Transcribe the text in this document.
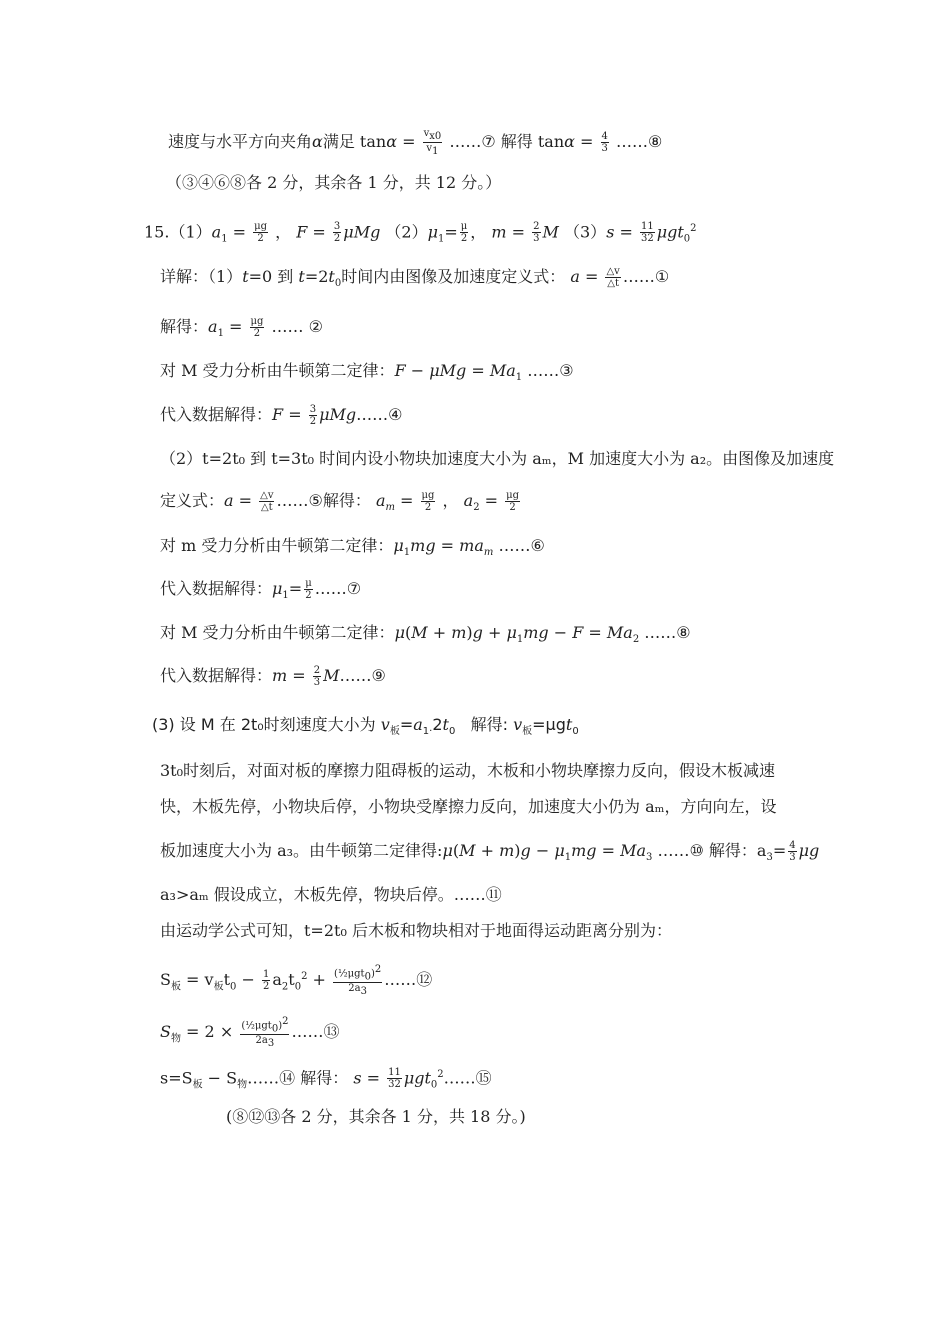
速度与水平方向夹角α满足 $\tan\alpha = \frac{v_{x0}}{v_1}$ ……⑦ 解得 $\tan\alpha = \frac{4}{3}$ ……⑧
（③④⑥⑧各 2 分，其余各 1 分，共 12 分。）
$15.(1)a_1 = \frac{\mu g}{2}$ ， $F = \frac{3}{2}$ μMg $(2)\mu_1= \frac{\mu}{2}$ ， $m = \frac{2}{3}$ M $(3)s = \frac{11}{32} \mu gt_0^2$
详解：（1）t=0 到 $t=2t_0$时间内由图像及加速度定义式： $a = \frac{\triangle v}{\triangle t}$ ……①
解得：$a_1 = \frac{\mu g}{2}$ …… ②
对 M 受力分析由牛顿第二定律：$F - \mu Mg = Ma_1$ ……③
代入数据解得：$F = \frac{3}{2}$ μMg……④
（2）t=2t₀ 到 t=3t₀ 时间内设小物块加速度大小为 aₘ，M 加速度大小为 a₂。由图像及加速度
定义式：$a = \frac{\triangle v}{\triangle t}$ ……⑤解得： $a_m = \frac{\mu g}{2}$ ， $a_2 = \frac{\mu g}{2}$
对 m 受力分析由牛顿第二定律：$\mu_1mg = ma_m$ ……⑥
代入数据解得：$\mu_1= \frac{\mu}{2}$ ……⑦
对 M 受力分析由牛顿第二定律：$\mu(M + m)g + \mu_1mg - F = Ma_2$ ……⑧
代入数据解得：$m = \frac{2}{3}$ M……⑨
(3) 设 M 在 2t₀时刻速度大小为 $v_板=a_{1\cdot}2t_0$ 解得: $v_板=\mu gt_0$
3t₀时刻后，对面对板的摩擦力阻碍板的运动，木板和小物块摩擦力反向，假设木板减速
快，木板先停，小物块后停，小物块受摩擦力反向，加速度大小仍为 aₘ，方向向左，设
板加速度大小为 a₃。由牛顿第二定律得:μ(M + $m)g - \mu_1mg = Ma_3$ ……⑩ 解得：$a_3= \frac{4}{3}$ μg
a₃>aₘ 假设成立，木板先停，物块后停。……⑪
由运动学公式可知，t=2t₀ 后木板和物块相对于地面得运动距离分别为：
$S_板 = v_板t_0 - \frac{1}{2} a_2t_0^2 + \frac{(\frac{1}{2}\mu gt_0)^2}{2a_3}$ ……⑫
$S_物 = 2 \times \frac{(\frac{1}{2}\mu gt_0)^2}{2a_3}$ ……⑬
$s=S_板$ − $S_物\dots\dots ⑭$ 解得： $s = \frac{11}{32}$ μgt$_0^2$……⑮
(⑧⑫⑬各 2 分，其余各 1 分，共 18 分。)
